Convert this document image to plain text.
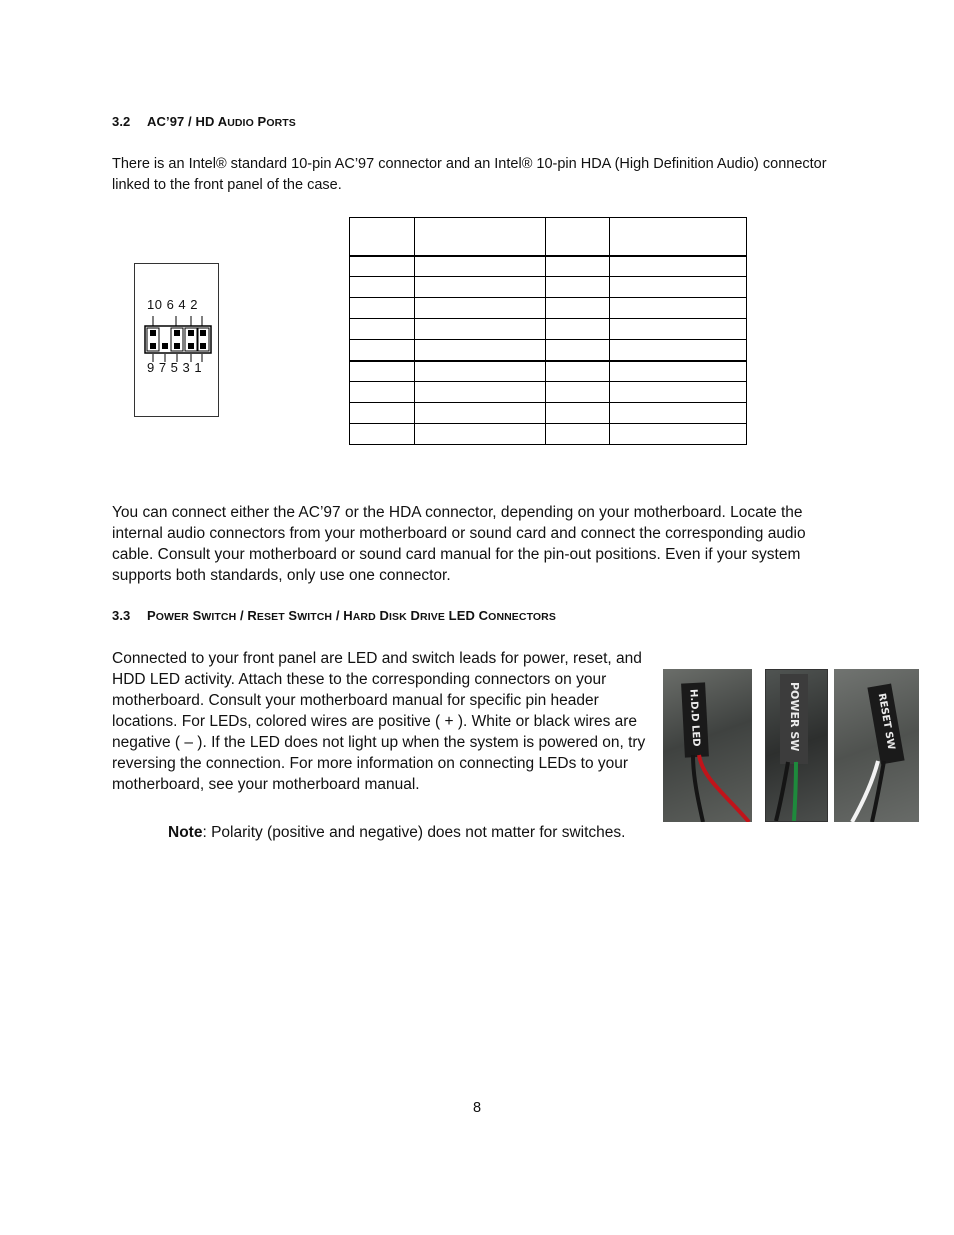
3.2 AC’97 / HD AUDIO PORTS
There is an Intel® standard 10-pin AC’97 connector and an Intel® 10-pin HDA (High Definition Audio) connector linked to the front panel of the case.
10 6 4 2
9 7 5 3 1

You can connect either the AC’97 or the HDA connector, depending on your motherboard. Locate the internal audio connectors from your motherboard or sound card and connect the corresponding audio cable. Consult your motherboard or sound card manual for the pin-out positions. Even if your system supports both standards, only use one connector.
3.3 POWER SWITCH / RESET SWITCH / HARD DISK DRIVE LED CONNECTORS
Connected to your front panel are LED and switch leads for power, reset, and HDD LED activity. Attach these to the corresponding connectors on your motherboard. Consult your motherboard manual for specific pin header locations. For LEDs, colored wires are positive ( + ). White or black wires are negative ( – ). If the LED does not light up when the system is powered on, try reversing the connection. For more information on connecting LEDs to your motherboard, see your motherboard manual.
Note: Polarity (positive and negative) does not matter for switches.
H.D.D LED	POWER SW	RESET SW
8
